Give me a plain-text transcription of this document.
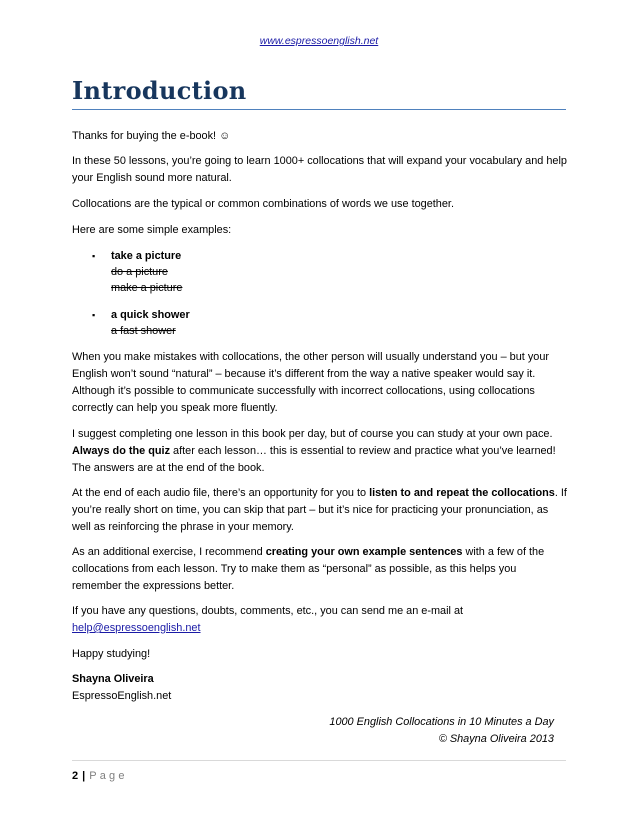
www.espressoenglish.net
Introduction
Thanks for buying the e-book! ☺
In these 50 lessons, you’re going to learn 1000+ collocations that will expand your vocabulary and help your English sound more natural.
Collocations are the typical or common combinations of words we use together.
Here are some simple examples:
▪ take a picture
do a picture
make a picture
▪ a quick shower
a fast shower
When you make mistakes with collocations, the other person will usually understand you – but your English won’t sound “natural” – because it’s different from the way a native speaker would say it. Although it’s possible to communicate successfully with incorrect collocations, using collocations correctly can help you speak more fluently.
I suggest completing one lesson in this book per day, but of course you can study at your own pace. Always do the quiz after each lesson… this is essential to review and practice what you’ve learned! The answers are at the end of the book.
At the end of each audio file, there’s an opportunity for you to listen to and repeat the collocations. If you’re really short on time, you can skip that part – but it’s nice for practicing your pronunciation, as well as reinforcing the phrase in your memory.
As an additional exercise, I recommend creating your own example sentences with a few of the collocations from each lesson. Try to make them as “personal” as possible, as this helps you remember the expressions better.

If you have any questions, doubts, comments, etc., you can send me an e-mail at

help@espressoenglish.net

Happy studying!

Shayna Oliveira

EspressoEnglish.net

1000 English Collocations in 10 Minutes a Day
© Shayna Oliveira 2013
2 | Page
